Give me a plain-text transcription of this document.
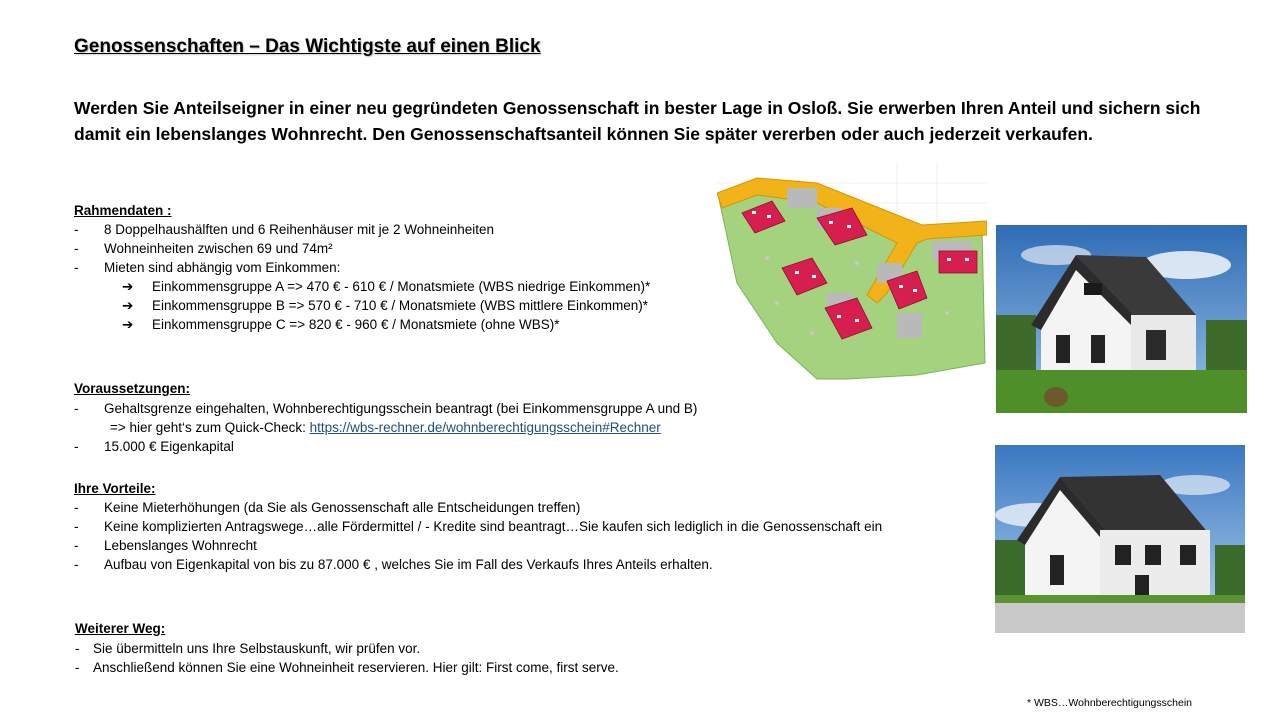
Genossenschaften – Das Wichtigste auf einen Blick
Werden Sie Anteilseigner in einer neu gegründeten Genossenschaft in bester Lage in Osloß. Sie erwerben Ihren Anteil und sichern sich damit ein lebenslanges Wohnrecht. Den Genossenschaftsanteil können Sie später vererben oder auch jederzeit verkaufen.
Rahmendaten :
- 8 Doppelhaushälften und 6 Reihenhäuser mit je 2 Wohneinheiten
- Wohneinheiten zwischen 69 und 74m²
- Mieten sind abhängig vom Einkommen:
➔ Einkommensgruppe A => 470 € - 610 € / Monatsmiete (WBS niedrige Einkommen)*
➔ Einkommensgruppe B => 570 € - 710 € / Monatsmiete (WBS mittlere Einkommen)*
➔ Einkommensgruppe C => 820 € - 960 € / Monatsmiete (ohne WBS)*
Voraussetzungen:
- Gehaltsgrenze eingehalten, Wohnberechtigungsschein beantragt (bei Einkommensgruppe A und B)
=> hier geht‘s zum Quick-Check: https://wbs-rechner.de/wohnberechtigungsschein#Rechner
- 15.000 € Eigenkapital
Ihre Vorteile:
- Keine Mieterhöhungen (da Sie als Genossenschaft alle Entscheidungen treffen)
- Keine komplizierten Antragswege…alle Fördermittel / - Kredite sind beantragt…Sie kaufen sich lediglich in die Genossenschaft ein
- Lebenslanges Wohnrecht
- Aufbau von Eigenkapital von bis zu 87.000 € , welches Sie im Fall des Verkaufs Ihres Anteils erhalten.
Weiterer Weg:
- Sie übermitteln uns Ihre Selbstauskunft, wir prüfen vor.
- Anschließend können Sie eine Wohneinheit reservieren. Hier gilt: First come, first serve.
* WBS…Wohnberechtigungsschein
